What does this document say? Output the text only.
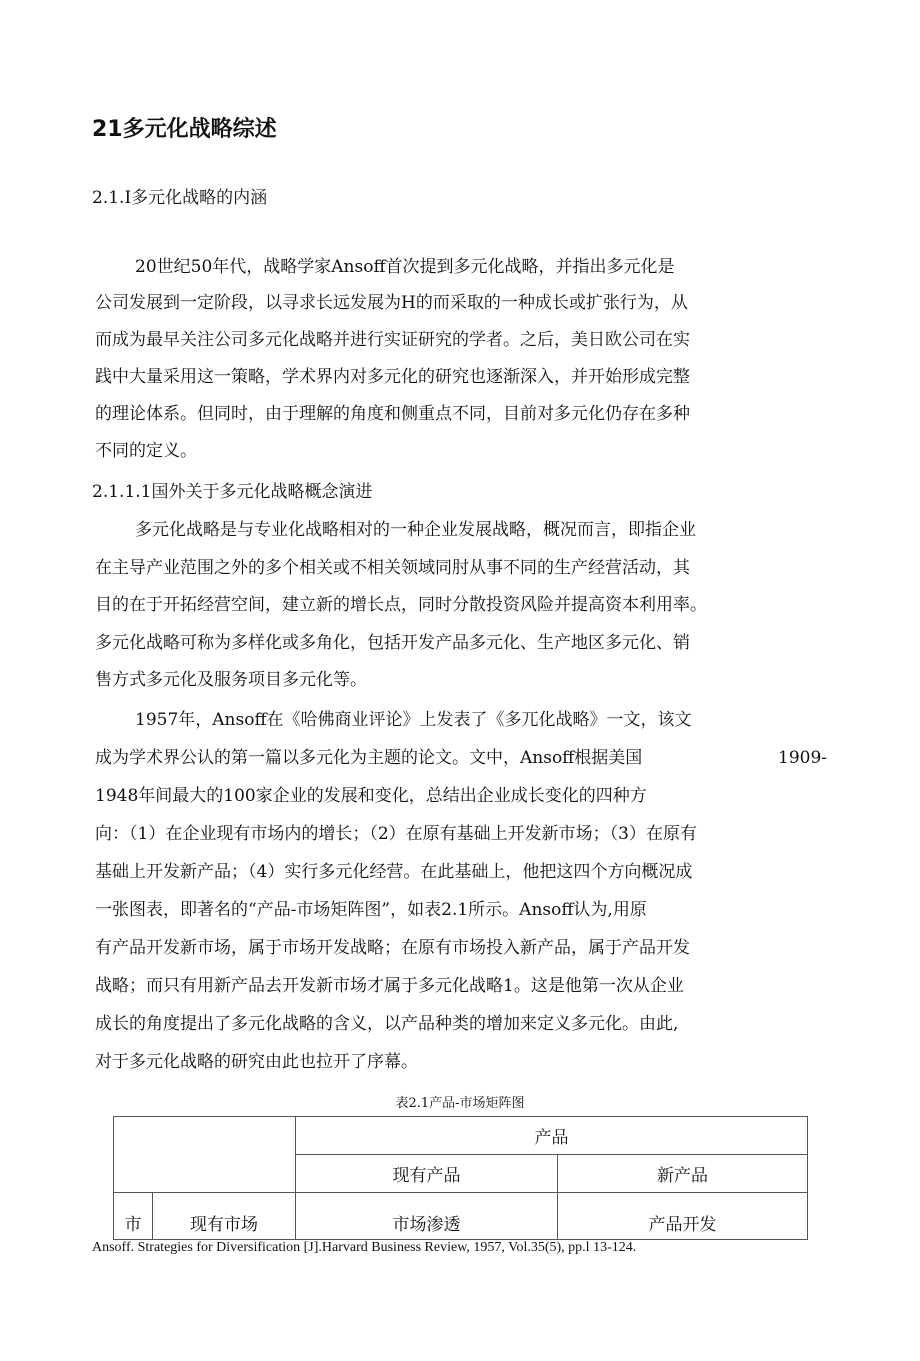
21多元化战略综述
2.1.I多元化战略的内涵
20世纪50年代，战略学家Ansoff首次提到多元化战略，并指出多元化是
公司发展到一定阶段，以寻求长远发展为H的而采取的一种成长或扩张行为，从
而成为最早关注公司多元化战略并进行实证研究的学者。之后，美日欧公司在实
践中大量采用这一策略，学术界内对多元化的研究也逐渐深入，并开始形成完整
的理论体系。但同时，由于理解的角度和侧重点不同，目前对多元化仍存在多种
不同的定义。
2.1.1.1国外关于多元化战略概念演进
多元化战略是与专业化战略相对的一种企业发展战略，概况而言，即指企业
在主导产业范围之外的多个相关或不相关领域同肘从事不同的生产经营活动，其
目的在于开拓经营空间，建立新的增长点，同时分散投资风险并提高资本利用率。
多元化战略可称为多样化或多角化，包括开发产品多元化、生产地区多元化、销
售方式多元化及服务项目多元化等。
1957年，Ansoff在《哈佛商业评论》上发表了《多兀化战略》一文，该文
成为学术界公认的第一篇以多元化为主题的论文。文中，Ansoff根据美国	1909-
1948年间最大的100家企业的发展和变化，总结出企业成长变化的四种方
向：（1）在企业现有市场内的增长；（2）在原有基础上开发新市场；（3）在原有
基础上开发新产品；（4）实行多元化经营。在此基础上，他把这四个方向概况成
一张图表，即著名的“产品-市场矩阵图”，如表2.1所示。Ansoff认为,用原
有产品开发新市场，属于市场开发战略；在原有市场投入新产品，属于产品开发
战略；而只有用新产品去开发新市场才属于多元化战略1。这是他第一次从企业
成长的角度提出了多元化战略的含义，以产品种类的增加来定义多元化。由此,
对于多元化战略的研究由此也拉开了序幕。
表2.1产品-市场矩阵图
		产品	
		现有产品	新产品
市	现有市场	市场渗透	产品开发
Ansoff. Strategies for Diversification [J].Harvard Business Review, 1957, Vol.35(5), pp.l 13-124.
